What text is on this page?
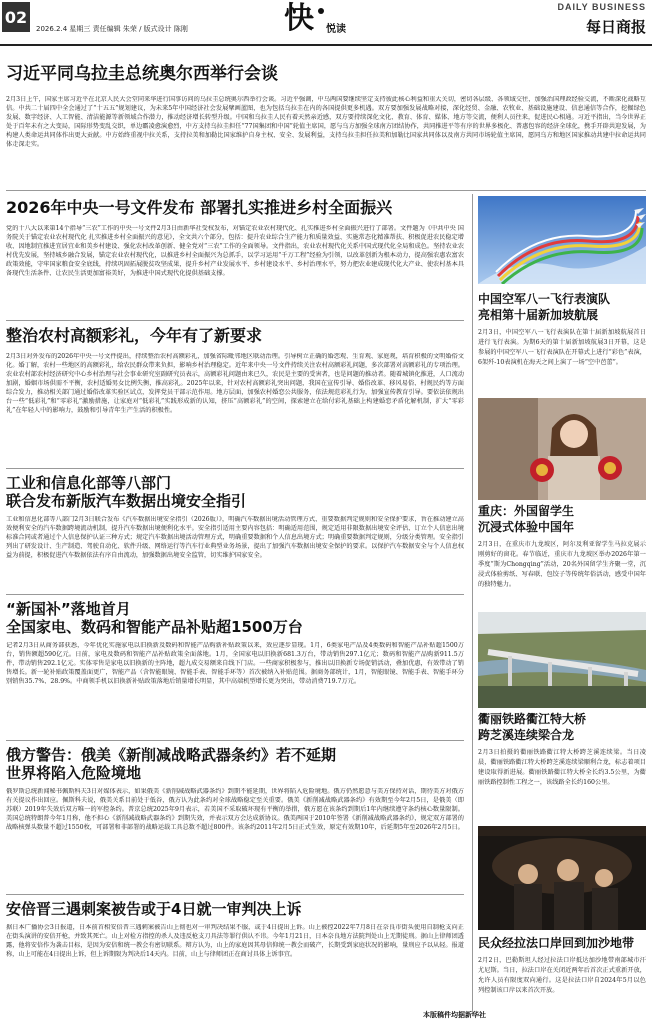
02
2026.2.4 星期三 责任编辑 朱荣 / 版式设计 陈刚	快 悦读
DAILY BUSINESS
每日商报
习近平同乌拉圭总统奥尔西举行会谈

2月3日上午，国家主席习近平在北京人民大会堂同来华进行国事访问的乌拉圭总统奥尔西举行会谈。习近平强调，中乌两国要继续坚定支持彼此核心利益和重大关切，密切各层级、各领域交往，加强治国理政经验交流，不断深化战略互信。中共二十届四中全会通过了“十五五”规划建议，为未来5年中国经济社会发展擘画蓝图，也为包括乌拉圭在内的各国提供更多机遇。双方要加强发展战略对接，深化经贸、金融、农牧业、基础设施建设、信息通信等合作，挖掘绿色发展、数字经济、人工智能、清洁能源等新领域合作潜力，推动经济增长转型升级。中国和乌拉圭人民有着天然亲近感，双方要持续深化文化、教育、体育、媒体、地方等交流，便利人员往来，促进民心相通。习近平指出，当今世界正处于百年未有之大变局，国际形势变乱交织，单边霸凌愈演愈烈，中方支持乌拉圭担任“77国集团和中国”轮值主席国，愿与乌方加强全球南方团结协作，共同推进平等有序的世界多极化、普惠包容的经济全球化，携手开辟共迎发展，为构建人类命运共同体作出更大贡献。中方始终重视中拉关系，支持拉美和加勒比国家维护自身主权、安全、发展利益，支持乌拉圭担任拉美和加勒比国家共同体以及南方共同市场轮值主席国，愿同乌方和地区国家推动共建中拉命运共同体走深走实。

2026年中央一号文件发布 部署扎实推进乡村全面振兴

党的十八大以来第14个指导“三农”工作的中央一号文件2月3日由新华社受权发布，对锚定农业农村现代化、扎实推进乡村全面振兴进行了部署。文件题为《中共中央 国务院关于锚定农业农村现代化 扎实推进乡村全面振兴的意见》，全文共六个部分，包括：提升农业综合生产能力和质量效益、实施常态化精准帮扶、积极促进农民稳定增收、因地制宜推进宜居宜业和美乡村建设、强化农村改革创新、健全党对“三农”工作的全面领导。文件指出，农业农村现代化关系中国式现代化全局和成色。坚持农业农村优先发展，坚持城乡融合发展，锚定农业农村现代化，以推进乡村全面振兴为总抓手，以学习运用“千万工程”经验为引领，以改革创新为根本动力，提高强农惠农富农政策效能，守牢国家粮食安全底线，持续巩固拓展脱贫攻坚成果，提升乡村产业发展水平、乡村建设水平、乡村治理水平，努力把农业建成现代化大产业、使农村基本具备现代生活条件、让农民生活更加富裕美好，为推进中国式现代化提供基础支撑。

整治农村高额彩礼，今年有了新要求

2月3日对外发布的2026年中央一号文件提出，持续整治农村高额彩礼，加强省际毗邻地区联动治理。引导树立正确的婚恋观、生育观、家庭观，培育积极的文明婚俗文化。婚丁解，农村一些地区的高额彩礼，给农民群众带来负担，影响乡村治理稳定。近年来中央一号文件持续关注农村高额彩礼问题，多次部署对高额彩礼的专项治理。农业农村部农村经济研究中心乡村治理与社会事业研究室副研究员表示，高额彩礼问题由来已久，农民是主要的受害者，也是问题的推动者。随着城镇化推进，人口流动加剧，婚姻市场供需不平衡，农村适婚男女比例失衡，推高彩礼。2025年以来，针对农村高额彩礼突出问题，我国在宣传引导、婚俗改革、移风易俗、村规民约等方面综合发力，推动相关部门通过婚俗改革实验区试点，发挥党员干部示范作用。地方层面，加强农村婚恋公共服务，依法规范彩礼行为，加强宣传教育引导。要依法依规出台一些“低彩礼”和“零彩礼”激励措施，让家庭对“低彩礼”实践形成新的认知，挤压“高额彩礼”的空间，探索建立在给付彩礼基础上构建婚恋矛盾化解机制，扩大“零彩礼”在年轻人中的影响力，鼓励和引导青年生产生活的积极性。

工业和信息化部等八部门
联合发布新版汽车数据出境安全指引

工业和信息化部等八部门2月3日联合发布《汽车数据出境安全指引（2026版）》，明确汽车数据出境活动管理方式、重要数据判定规则和安全保护要求，旨在推动建立高效便利安全的汽车数据跨境流动机制，提升汽车数据出境便利化水平。安全指引适用主要内容包括：明确适用范围，规定适用非限数据出境安全评估、订立个人信息出境标准合同或者通过个人信息保护认证三种方式；规定汽车数据出境活动管理方式，明确重要数据和个人信息出境方式；明确重要数据判定规则，分级分类管理。安全指引列出了研发设计、生产制造、驾驶自动化、软件升级、网络运行等汽车行业典型业务场景，提出了加强汽车数据出境安全保护的要求。以保护汽车数据安全与个人信息权益为前提，积极促进汽车数据依法有序自由流动，加强数据出境安全监管，切实维护国家安全。

“新国补”落地首月
全国家电、数码和智能产品补贴超1500万台

记者2月3日从商务部获悉，今年优化实施家电以旧换新及数码和智能产品购新补贴政策以来，效应逐步显现。1月，6类家电产品及4类数码和智能产品补贴超1500万台，销售额超590亿元。日前，家电及数码和智能产品补贴政策全面落地。1月，全国家电以旧换新681.3万台，带动销售297.1亿元；数码和智能产品购新911.5万件，带动销售292.1亿元。实体零售是家电以旧换新的主阵地，超九成交易额来自线下门店。一些商家积极参与，推出以旧换新专场促销活动，叠加优惠，有效带动了销售增长。新一轮补贴政策覆盖面更广，智能产品（含智能眼镜、智能手表、智能手环等）首次被纳入补贴范围。据商务部统计，1月，智能眼镜、智能手表、智能手环分别销售35.7%、28.9%。中商领手机以旧换新补贴政策落地后销量增长明显，其中高端机型增长更为突出，带动消费719.7万元。

俄方警告：俄美《新削减战略武器条约》若不延期
世界将陷入危险境地

俄罗斯总统新闻秘书佩斯科夫3日对媒体表示，如果俄美《新削减战略武器条约》到期不能延期，世界将陷入危险境地。俄方仍然愿意与美方保持对话，期待美方对俄方有关提议作出回应。佩斯科夫说，俄美关系目前处于低谷，俄方认为此条约对全球战略稳定至关重要。俄美《新削减战略武器条约》有效期至今年2月5日，是俄美（即苏联）2019年失效后双方唯一的军控条约。普京总统2025年9月表示，若美国不采取破坏现有平衡的举措，俄方愿在该条约到期后1年内继续遵守条约核心数量限制。美国总统特朗普今年1月称，他不担心《新削减战略武器条约》到期失效，并表示双方会达成新协议。俄美两国于2010年签署《新削减战略武器条约》，规定双方部署的战略核弹头数量不超过1550枚，可部署和非部署的战略运载工具总数不超过800件。该条约2011年2月5日正式生效，原定有效期10年，后延期5年至2026年2月5日。

安倍晋三遇刺案被告或于4日就一审判决上诉

据日本广播协会3日报道，日本前首相安倍晋三遇刺案被告山上彻也对一审判决结果不服，或于4日提出上诉。山上被控2022年7月8日在奈良市街头使用自制枪支向正在街头演讲的安倍开枪，并致其死亡。山上对检方指控的杀人及违反枪支刀具法等罪行供认不讳。今年1月21日，日本奈良地方法院判处山上无期徒刑。据山上律师团透露，他将安倍作为袭击目标，是因为安倍和统一教会有密切联系。辩方认为，山上的家庭因其母信仰统一教会而破产，长期受到家庭状况的影响，量刑应予以从轻。报道称，山上可能在4日提出上诉，但上诉期限为判决后14天内。目前，山上与律师团正在商讨具体上诉事宜。

本版稿件均据新华社
中国空军八一飞行表演队
亮相第十届新加坡航展
2月3日，中国空军八一飞行表演队在第十届新加坡航展首日进行飞行表演。为期6天的第十届新加坡航展3日开幕，这是参展的中国空军八一飞行表演队在开幕式上进行“彩色”表演，6架歼-10表演机在海天之间上演了一场“空中芭蕾”。
重庆：外国留学生
沉浸式体验中国年
2月3日，在重庆市九龙坡区，阿尔及利亚留学生马拉克展示刚剪好的窗花。春节临近，重庆市九龙坡区举办2026年第一季度“斯为Chongqing”活动，20名外国留学生齐聚一堂，沉浸式体验剪纸、写春联、包饺子等传统年俗活动，感受中国年的独特魅力。
衢丽铁路衢江特大桥
跨芝溪连续梁合龙
2月3日拍摄的衢丽铁路衢江特大桥跨芝溪连续梁。当日凌晨，衢丽铁路衢江特大桥跨芝溪连续梁顺利合龙，标志着项目建设取得新进展。衢丽铁路衢江特大桥全长约3.5公里，为衢丽铁路控制性工程之一，该线路全长约160公里。
民众经拉法口岸回到加沙地带
2月2日，巴勒斯坦人经过拉法口岸抵达加沙地带南部城市汗尤尼斯。当日，拉法口岸在关闭近两年后首次正式重新开放，允许人员有限度双向通行。这是拉法口岸自2024年5月以色列控制该口岸以来首次开放。
